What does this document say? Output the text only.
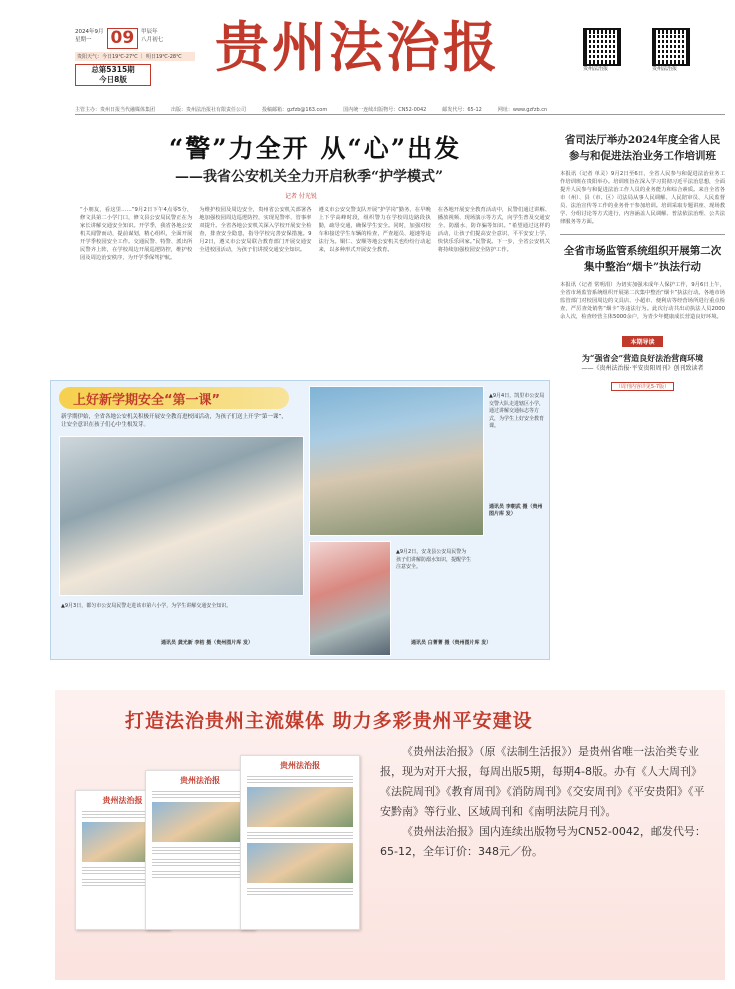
2024年9月
星期一	09	甲辰年
八月初七
贵阳天气：今日19℃-27℃ ｜ 明日19℃-28℃
总第5315期
今日8版
贵州法治报	贵州法治报	贵州法治报
主管主办：贵州日报当代融媒体集团	出版：贵州法治报社有限责任公司	投稿邮箱：gzfzb@163.com	国内统一连续出版物号：CN52-0042	邮发代号：65-12	网址：www.gzfzb.cn
“警”力全开 从“心”出发
——我省公安机关全力开启秋季“护学模式”
记者 付光锐
“小朋友，看这里……”9月2日下午4点零5分，修文县第二小学门口，修文县公安局民警正在为家长讲解交通安全知识。开学季，我省各地公安机关闻警而动，提前谋划，精心组织，全面开展开学季校园安全工作。交通民警、特警、派出所民警齐上阵，在学校周边开展巡逻防控，维护校园及周边治安秩序，为开学季保驾护航。
为维护校园及周边安全，贵州省公安机关部署各地加强校园周边巡逻防控，实现见警率、管事率双提升。全省各地公安机关深入学校开展安全检查，排查安全隐患，指导学校完善安保措施。9月2日，遵义市公安局联合教育部门开展交通安全进校园活动，为孩子们讲授交通安全知识。
遵义市公安交警支队开展“护学岗”勤务，在早晚上下学高峰时段，组织警力在学校周边路段执勤，疏导交通，确保学生安全。同时，加强对校车和接送学生车辆的检查，严查超员、超速等违法行为。铜仁、安顺等地公安机关也纷纷行动起来，以多种形式开展安全教育。
在各地开展安全教育活动中，民警们通过讲解、播放视频、现场演示等方式，向学生普及交通安全、防溺水、防诈骗等知识。“希望通过这样的活动，让孩子们提高安全意识，平平安安上学，快快乐乐回家。”民警说。下一步，全省公安机关将持续加强校园安全防护工作。
上好新学期安全“第一课”
新学期伊始，全省各地公安机关积极开展安全教育进校园活动，为孩子们送上开学“第一课”，让安全意识在孩子们心中生根发芽。
▲9月3日，都匀市公安局民警走进该市第六小学，为学生讲解交通安全知识。
▲9月4日，凯里市公安局交警大队走进辖区小学，通过讲解交通标志等方式，为学生上好安全教育课。
▲9月2日，安龙县公安局民警为孩子们讲解防溺水知识，提醒学生注意安全。
通讯员 龚光新 李桔 摄（贵州图片库 发）
通讯员 李朝武 摄（贵州图片库 发）
通讯员 白菁菁 摄（贵州图片库 发）
省司法厅举办2024年度全省人民参与和促进法治业务工作培训班
本报讯（记者 单灵）9月2日至6日，全省人民参与和促进法治业务工作培训班在贵阳举办。培训班旨在深入学习贯彻习近平法治思想，全面提升人民参与和促进法治工作人员的业务能力和综合素质。来自全省各市（州）、县（市、区）司法局从事人民调解、人民陪审员、人民监督员、法治宣传等工作的业务骨干参加培训。培训采取专题讲座、现场教学、分组讨论等方式进行，内容涵盖人民调解、普法依法治理、公共法律服务等方面。
全省市场监管系统组织开展第二次集中整治“烟卡”执法行动
本报讯（记者 常明涓）为切实加强未成年人保护工作，9月6日上午，全省市场监管系统组织开展第二次集中整治“烟卡”执法行动。各地市场监管部门对校园周边的文具店、小超市、便利店等经营场所进行重点检查，严厉查处销售“烟卡”等违法行为。此次行动共出动执法人员2000余人次，检查经营主体5000余户，为青少年健康成长营造良好环境。
本期导读
为“强省会”营造良好法治营商环境
——《贵州法治报·平安贵阳周刊》创刊致读者
（周刊内容详见5-7版）
打造法治贵州主流媒体 助力多彩贵州平安建设
贵州法治报
贵州法治报
贵州法治报

《贵州法治报》（原《法制生活报》）是贵州省唯一法治类专业报，现为对开大报，每周出版5期，每期4-8版。办有《人大周刊》《法院周刊》《教育周刊》《消防周刊》《交安周刊》《平安贵阳》《平安黔南》等行业、区域周刊和《南明法院月刊》。

《贵州法治报》国内连续出版物号为CN52-0042，邮发代号：65-12，全年订价：348元／份。
